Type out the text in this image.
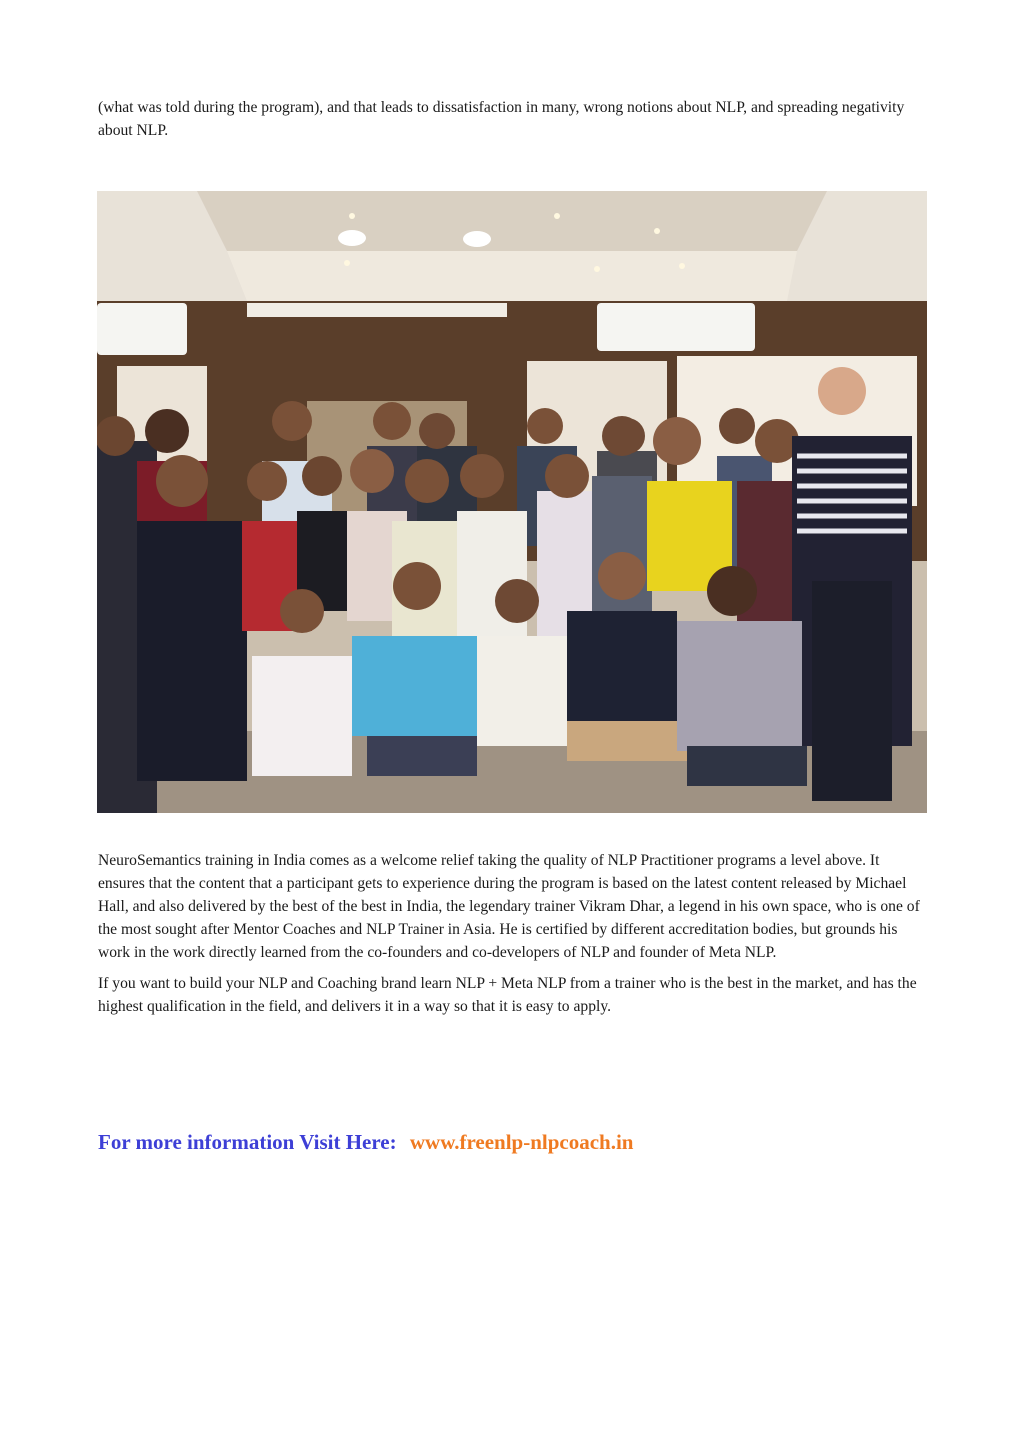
(what was told during the program), and that leads to dissatisfaction in many, wrong notions about NLP, and spreading negativity about NLP.

NeuroSemantics training in India comes as a welcome relief taking the quality of NLP Practitioner programs a level above. It ensures that the content that a participant gets to experience during the program is based on the latest content released by Michael Hall, and also delivered by the best of the best in India, the legendary trainer Vikram Dhar, a legend in his own space, who is one of the most sought after Mentor Coaches and NLP Trainer in Asia. He is certified by different accreditation bodies, but grounds his work in the work directly learned from the co-founders and co-developers of NLP and founder of Meta NLP.

If you want to build your NLP and Coaching brand learn NLP + Meta NLP from a trainer who is the best in the market, and has the highest qualification in the field, and delivers it in a way so that it is easy to apply.

For more information Visit Here: www.freenlp-nlpcoach.in
